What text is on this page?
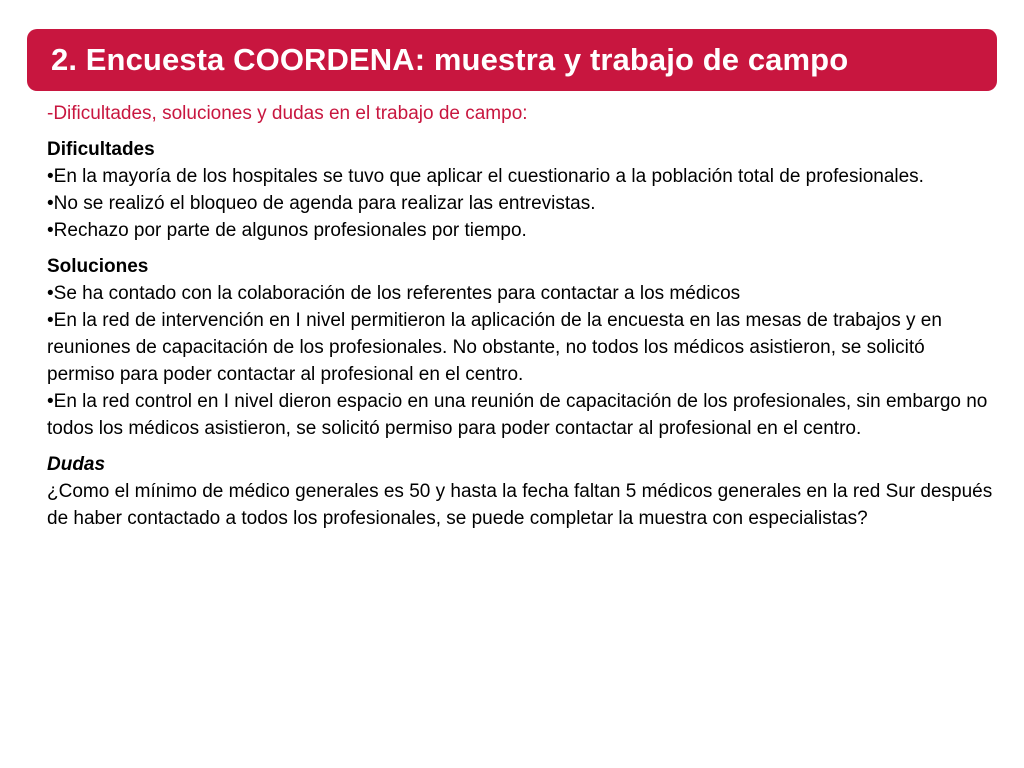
2. Encuesta COORDENA: muestra y trabajo de campo

-Dificultades, soluciones y dudas en el trabajo de campo:

Dificultades

•En la mayoría de los hospitales se tuvo que aplicar el cuestionario a la población total de profesionales.

•No se realizó el bloqueo de agenda para realizar las entrevistas.

•Rechazo por parte de algunos profesionales por tiempo.

Soluciones

•Se ha contado con la colaboración de los referentes para contactar a los médicos

•En la red de intervención en I nivel permitieron la aplicación de la encuesta en las mesas de trabajos y en reuniones de capacitación de los profesionales. No obstante, no todos los médicos asistieron, se solicitó permiso para poder contactar al profesional en el centro.

•En la red control en I nivel dieron espacio en una reunión de capacitación de los profesionales, sin embargo no todos los médicos asistieron, se solicitó permiso para poder contactar al profesional en el centro.

Dudas

¿Como el mínimo de médico generales es 50 y hasta la fecha faltan 5 médicos generales en la red Sur después de haber contactado a todos los profesionales, se puede completar la muestra con especialistas?
